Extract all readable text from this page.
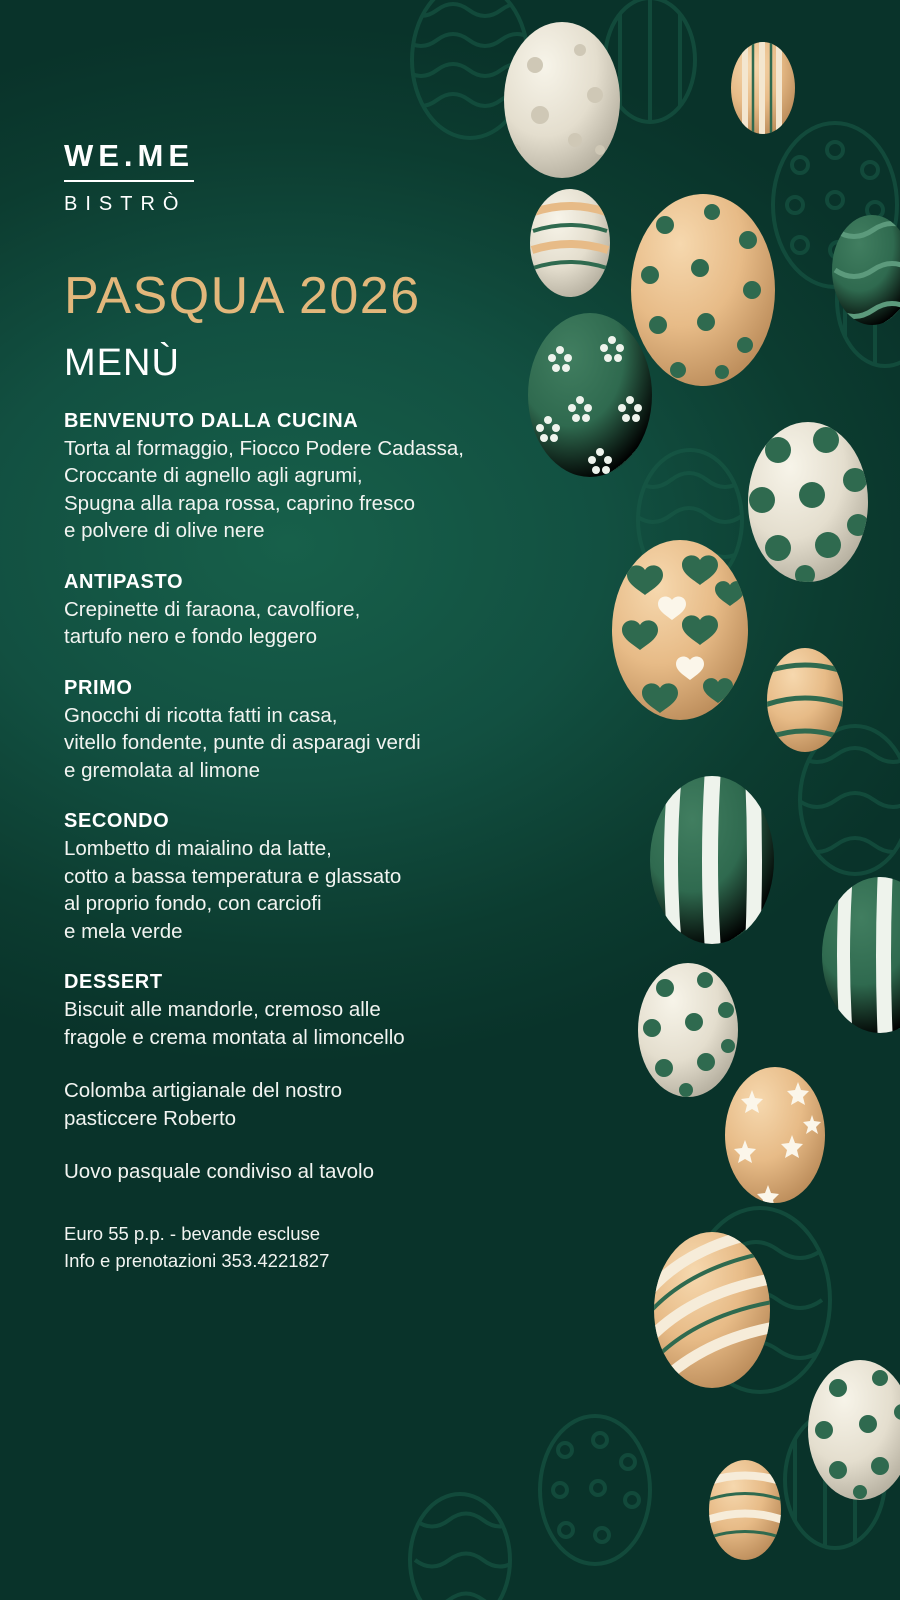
WE.ME
BISTRÒ
PASQUA 2026
MENÙ
BENVENUTO DALLA CUCINA
Torta al formaggio, Fiocco Podere Cadassa,
Croccante di agnello agli agrumi,
Spugna alla rapa rossa, caprino fresco
e polvere di olive nere
ANTIPASTO
Crepinette di faraona, cavolfiore,
tartufo nero e fondo leggero
PRIMO
Gnocchi di ricotta fatti in casa,
vitello fondente, punte di asparagi verdi
e gremolata al limone
SECONDO
Lombetto di maialino da latte,
cotto a bassa temperatura e glassato
al proprio fondo, con carciofi
e mela verde
DESSERT
Biscuit alle mandorle, cremoso alle
fragole e crema montata al limoncello
Colomba artigianale del nostro
pasticcere Roberto
Uovo pasquale condiviso al tavolo
Euro 55 p.p. - bevande escluse
Info e prenotazioni 353.4221827
